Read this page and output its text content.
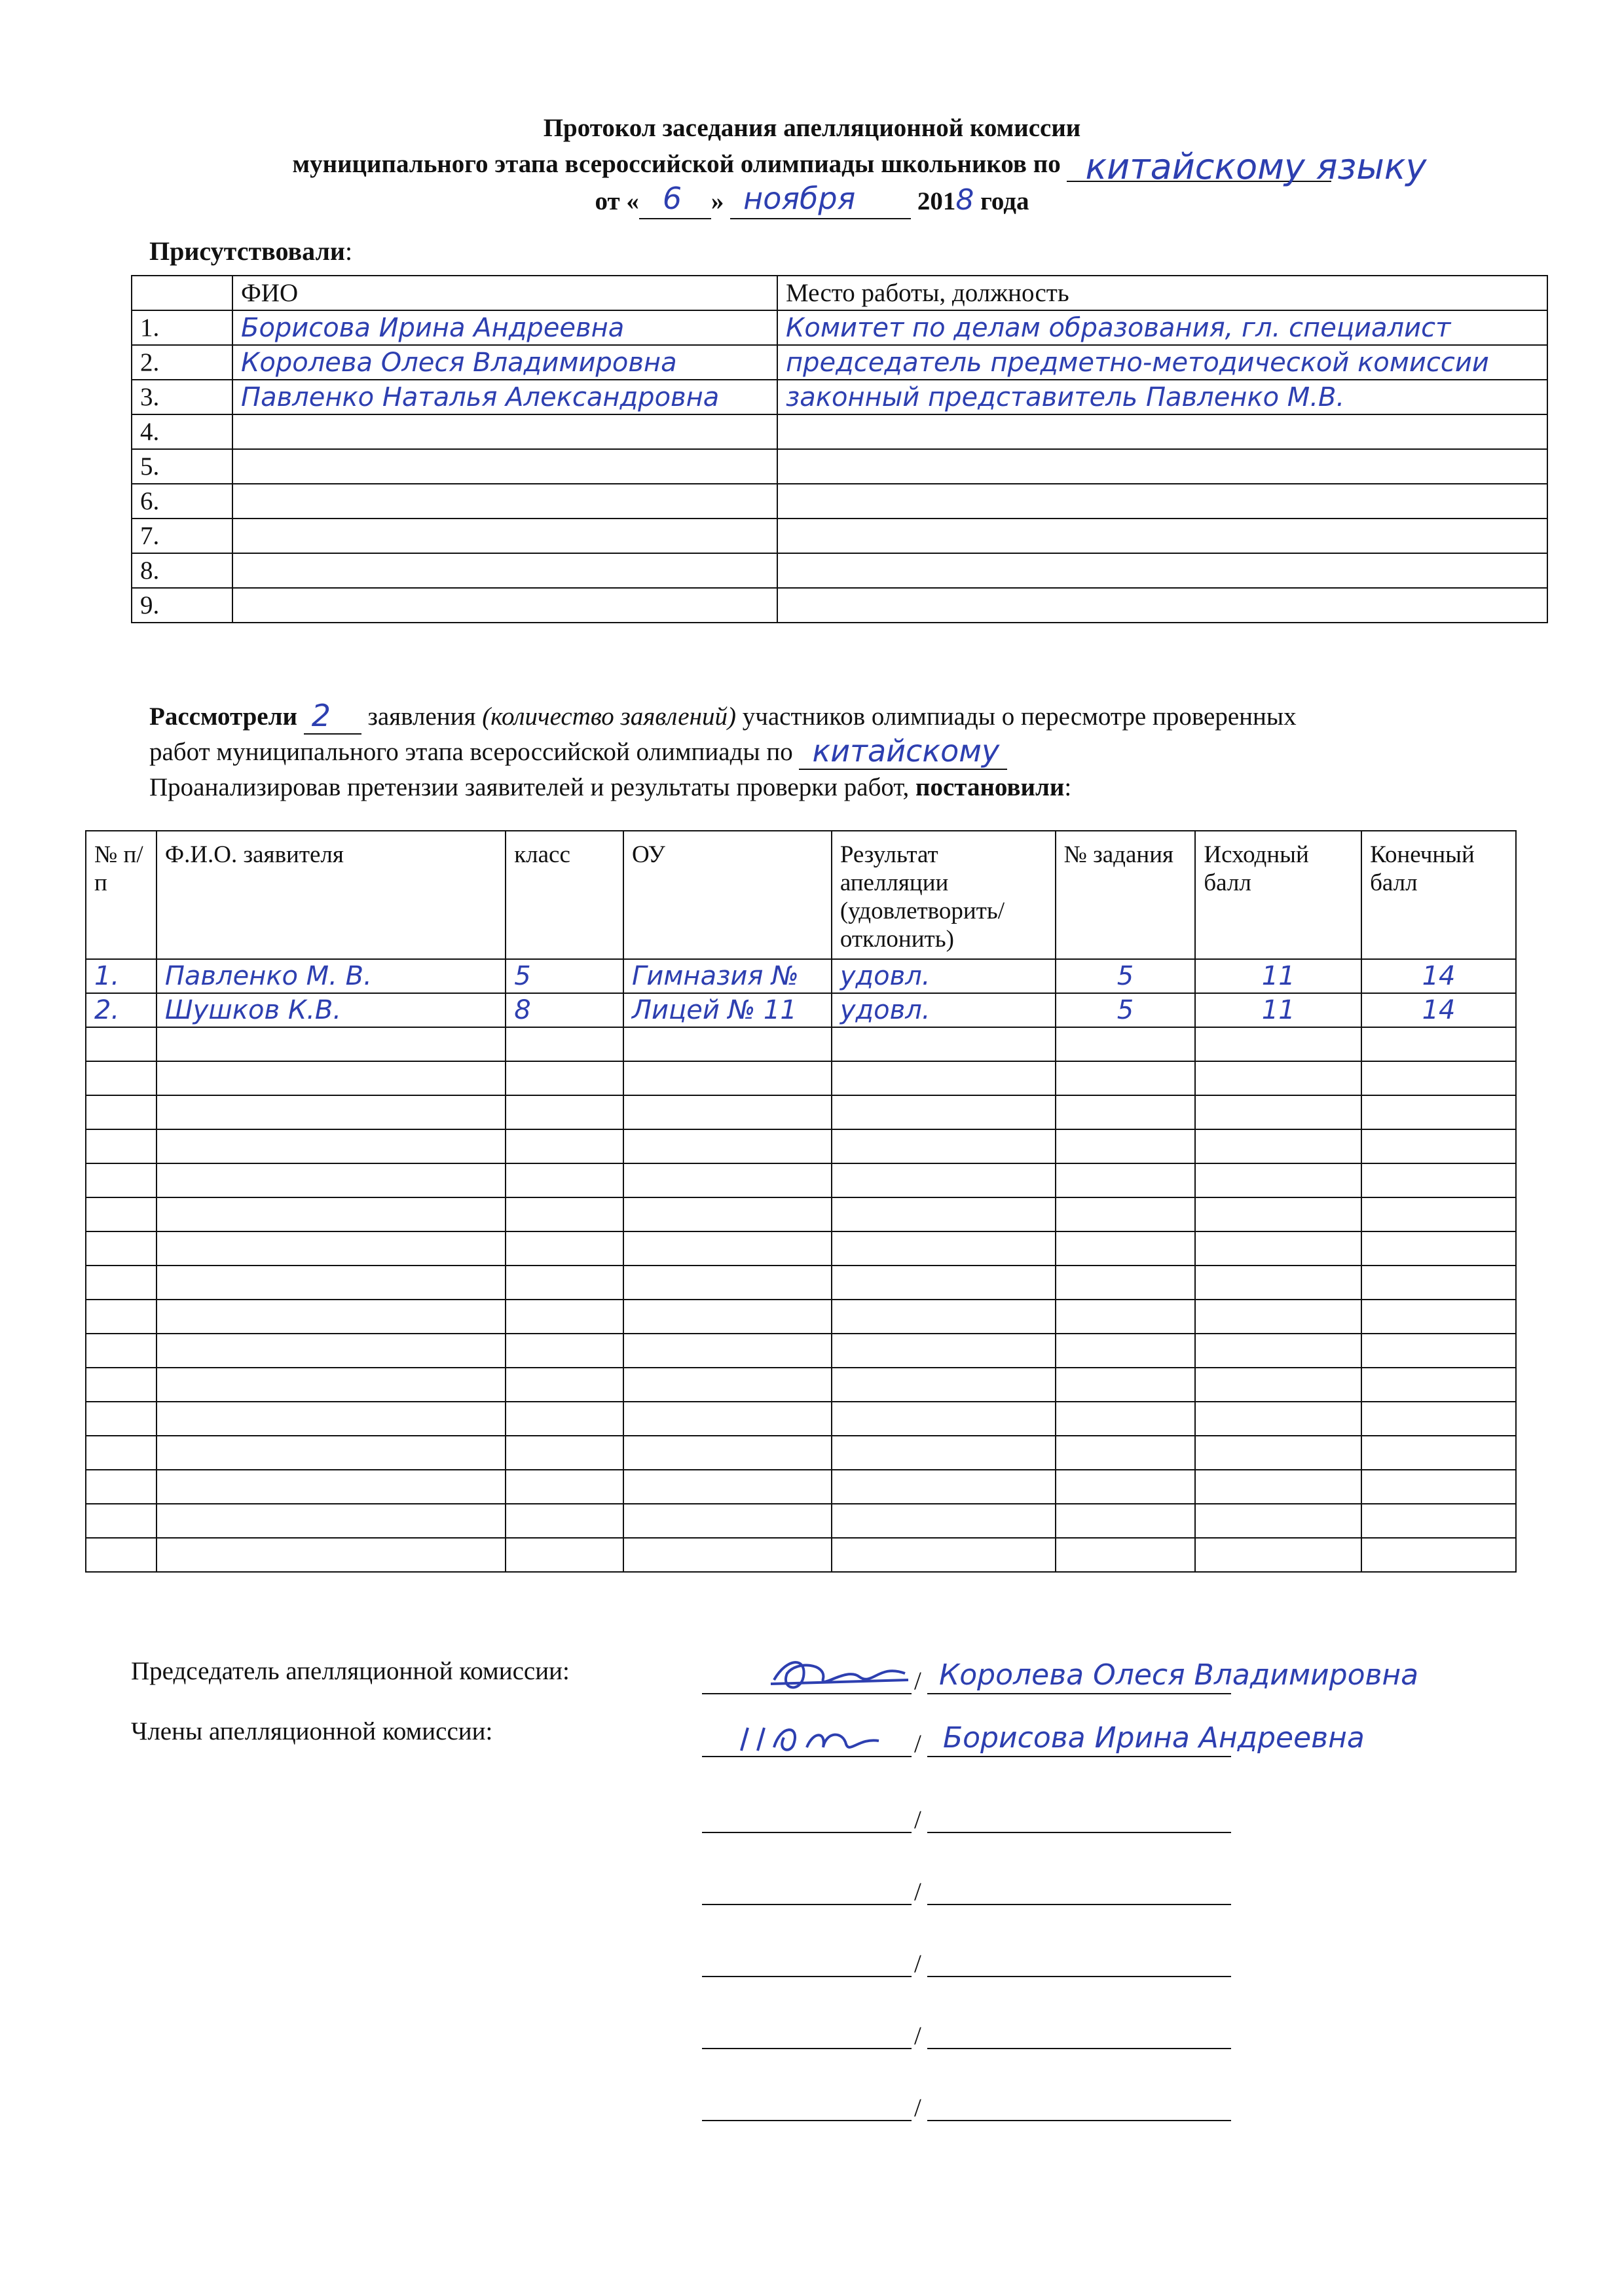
Протокол заседания апелляционной комиссии
муниципального этапа всероссийской олимпиады школьников по китайскому языку
от « 6 » ноября 2018 года
Присутствовали:
	ФИО	Место работы, должность
1.	Борисова Ирина Андреевна	Комитет по делам образования, гл. специалист
2.	Королева Олеся Владимировна	председатель предметно-методической комиссии
3.	Павленко Наталья Александровна	законный представитель Павленко М.В.
4.		
5.		
6.		
7.		
8.		
9.		
Рассмотрели 2 заявления (количество заявлений) участников олимпиады о пересмотре проверенных
работ муниципального этапа всероссийской олимпиады по китайскому

Проанализировав претензии заявителей и результаты проверки работ, постановили:
№ п/п	Ф.И.О. заявителя	класс	ОУ	Результат апелляции (удовлетворить/ отклонить)	№ задания	Исходный балл	Конечный балл
1.	Павленко М. В.	5	Гимназия №	удовл.	5	11	14
2.	Шушков К.В.	8	Лицей № 11	удовл.	5	11	14

Председатель апелляционной комиссии:
Члены апелляционной комиссии:
/ Королева Олеся Владимировна
/ Борисова Ирина Андреевна
/
/
/
/
/
